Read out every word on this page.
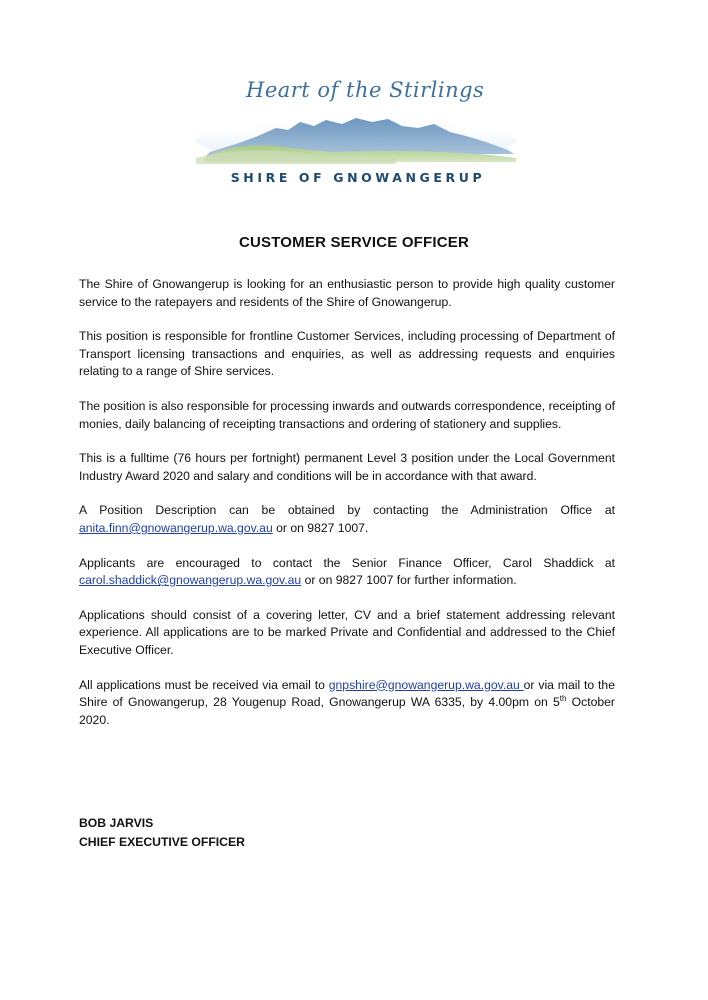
Heart of the Stirlings
SHIRE OF GNOWANGERUP
CUSTOMER SERVICE OFFICER

The Shire of Gnowangerup is looking for an enthusiastic person to provide high quality customer service to the ratepayers and residents of the Shire of Gnowangerup.

This position is responsible for frontline Customer Services, including processing of Department of Transport licensing transactions and enquiries, as well as addressing requests and enquiries relating to a range of Shire services.

The position is also responsible for processing inwards and outwards correspondence, receipting of monies, daily balancing of receipting transactions and ordering of stationery and supplies.

This is a fulltime (76 hours per fortnight) permanent Level 3 position under the Local Government Industry Award 2020 and salary and conditions will be in accordance with that award.

A Position Description can be obtained by contacting the Administration Office at anita.finn@gnowangerup.wa.gov.au or on 9827 1007.

Applicants are encouraged to contact the Senior Finance Officer, Carol Shaddick at carol.shaddick@gnowangerup.wa.gov.au or on 9827 1007 for further information.

Applications should consist of a covering letter, CV and a brief statement addressing relevant experience. All applications are to be marked Private and Confidential and addressed to the Chief Executive Officer.

All applications must be received via email to gnpshire@gnowangerup.wa.gov.au or via mail to the Shire of Gnowangerup, 28 Yougenup Road, Gnowangerup WA 6335, by 4.00pm on 5th October 2020.

BOB JARVIS
CHIEF EXECUTIVE OFFICER
